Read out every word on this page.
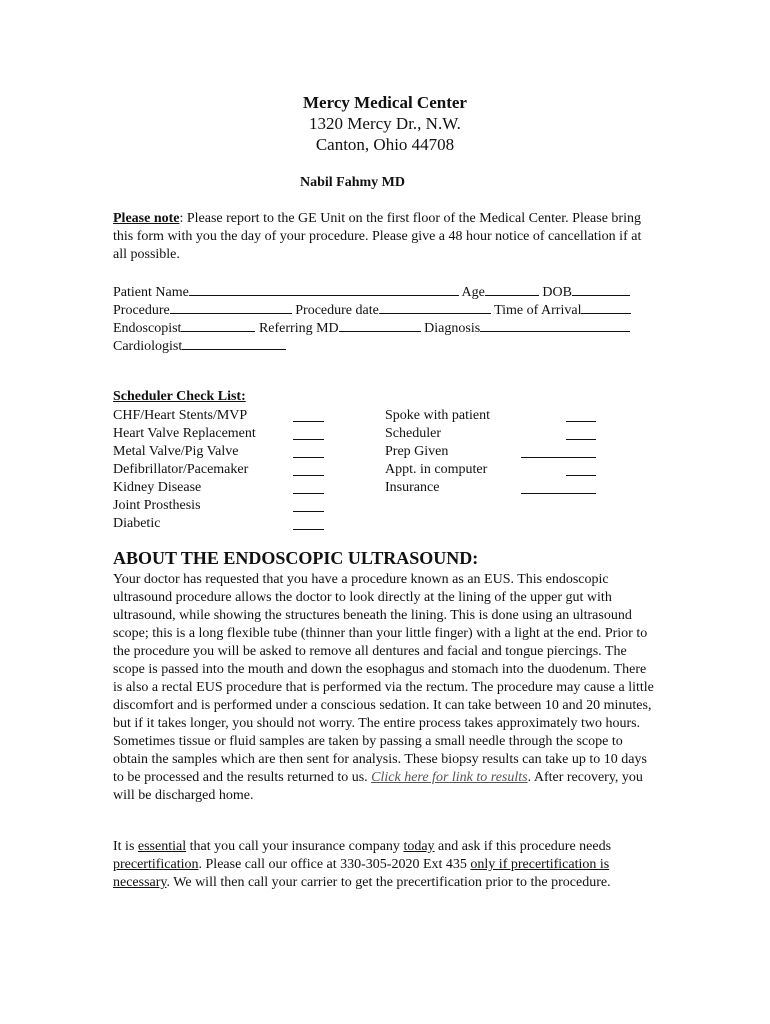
Mercy Medical Center
1320 Mercy Dr., N.W.
Canton, Ohio 44708
Nabil Fahmy MD
Please note: Please report to the GE Unit on the first floor of the Medical Center. Please bring this form with you the day of your procedure. Please give a 48 hour notice of cancellation if at all possible.
Patient Name	Age	DOB
Procedure	Procedure date	Time of Arrival
Endoscopist	Referring MD	Diagnosis
Cardiologist
Scheduler Check List:
CHF/Heart Stents/MVP
Heart Valve Replacement
Metal Valve/Pig Valve
Defibrillator/Pacemaker
Kidney Disease
Joint Prosthesis
Diabetic
Spoke with patient
Scheduler
Prep Given
Appt. in computer
Insurance
ABOUT THE ENDOSCOPIC ULTRASOUND:
Your doctor has requested that you have a procedure known as an EUS. This endoscopic ultrasound procedure allows the doctor to look directly at the lining of the upper gut with ultrasound, while showing the structures beneath the lining. This is done using an ultrasound scope; this is a long flexible tube (thinner than your little finger) with a light at the end. Prior to the procedure you will be asked to remove all dentures and facial and tongue piercings. The scope is passed into the mouth and down the esophagus and stomach into the duodenum. There is also a rectal EUS procedure that is performed via the rectum. The procedure may cause a little discomfort and is performed under a conscious sedation. It can take between 10 and 20 minutes, but if it takes longer, you should not worry. The entire process takes approximately two hours. Sometimes tissue or fluid samples are taken by passing a small needle through the scope to obtain the samples which are then sent for analysis. These biopsy results can take up to 10 days to be processed and the results returned to us. Click here for link to results. After recovery, you will be discharged home.
It is essential that you call your insurance company today and ask if this procedure needs precertification. Please call our office at 330-305-2020 Ext 435 only if precertification is necessary. We will then call your carrier to get the precertification prior to the procedure.
